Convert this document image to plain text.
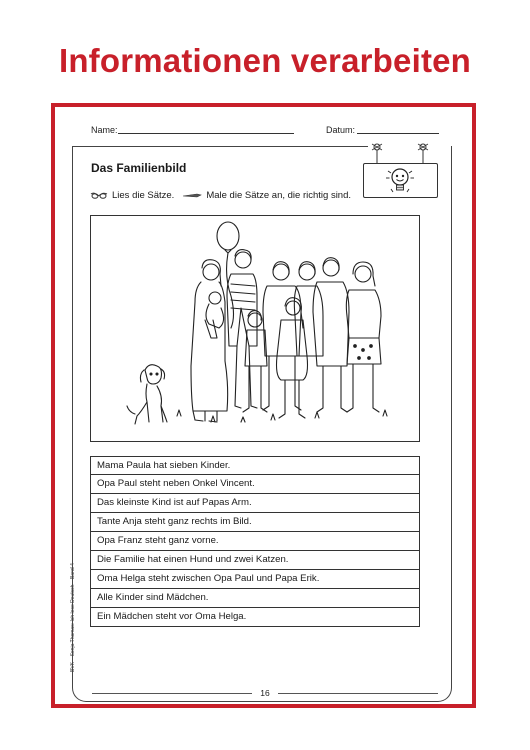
Informationen verarbeiten
Name:	Datum:
Das Familienbild
Lies die Sätze.	Male die Sätze an, die richtig sind.
Mama Paula hat sieben Kinder.
Opa Paul steht neben Onkel Vincent.
Das kleinste Kind ist auf Papas Arm.
Tante Anja steht ganz rechts im Bild.
Opa Franz steht ganz vorne.
Die Familie hat einen Hund und zwei Katzen.
Oma Helga steht zwischen Opa Paul und Papa Erik.
Alle Kinder sind Mädchen.
Ein Mädchen steht vor Oma Helga.
BVK – Sonja Thomas: Ich lese Deutsch – Band 4
16
